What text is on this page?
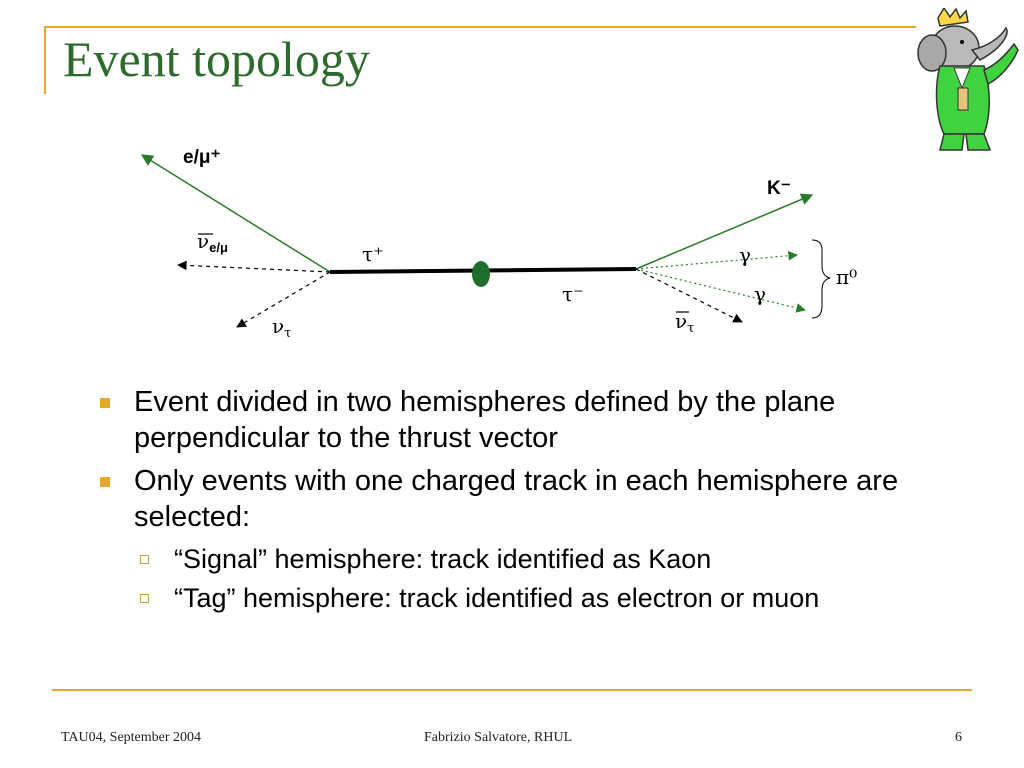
Event topology
e/μ⁺
$\nu_{e/\mu}$	τ⁺
τ⁻
$\nu_\tau$
K⁻
γ
γ
$\nu_\tau$
π⁰
Event divided in two hemispheres defined by the plane perpendicular to the thrust vector
Only events with one charged track in each hemisphere are selected:
“Signal” hemisphere: track identified as Kaon
“Tag” hemisphere: track identified as electron or muon
TAU04, September 2004	Fabrizio Salvatore, RHUL	6
